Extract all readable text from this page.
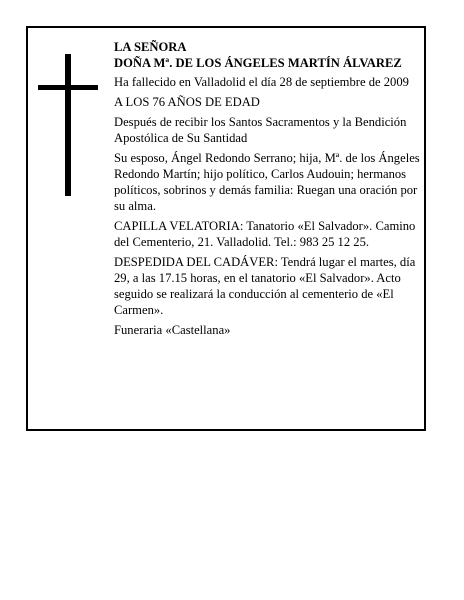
LA SEÑORA
DOÑA Mª. DE LOS ÁNGELES MARTÍN ÁLVAREZ

Ha fallecido en Valladolid el día 28 de septiembre de 2009

A LOS 76 AÑOS DE EDAD

Después de recibir los Santos Sacramentos y la Bendición Apostólica de Su Santidad

Su esposo, Ángel Redondo Serrano; hija, Mª. de los Ángeles Redondo Martín; hijo político, Carlos Audouin; hermanos políticos, sobrinos y demás familia: Ruegan una oración por su alma.

CAPILLA VELATORIA: Tanatorio «El Salvador». Camino del Cementerio, 21. Valladolid. Tel.: 983 25 12 25.

DESPEDIDA DEL CADÁVER: Tendrá lugar el martes, día 29, a las 17.15 horas, en el tanatorio «El Salvador». Acto seguido se realizará la conducción al cementerio de «El Carmen».

Funeraria «Castellana»
